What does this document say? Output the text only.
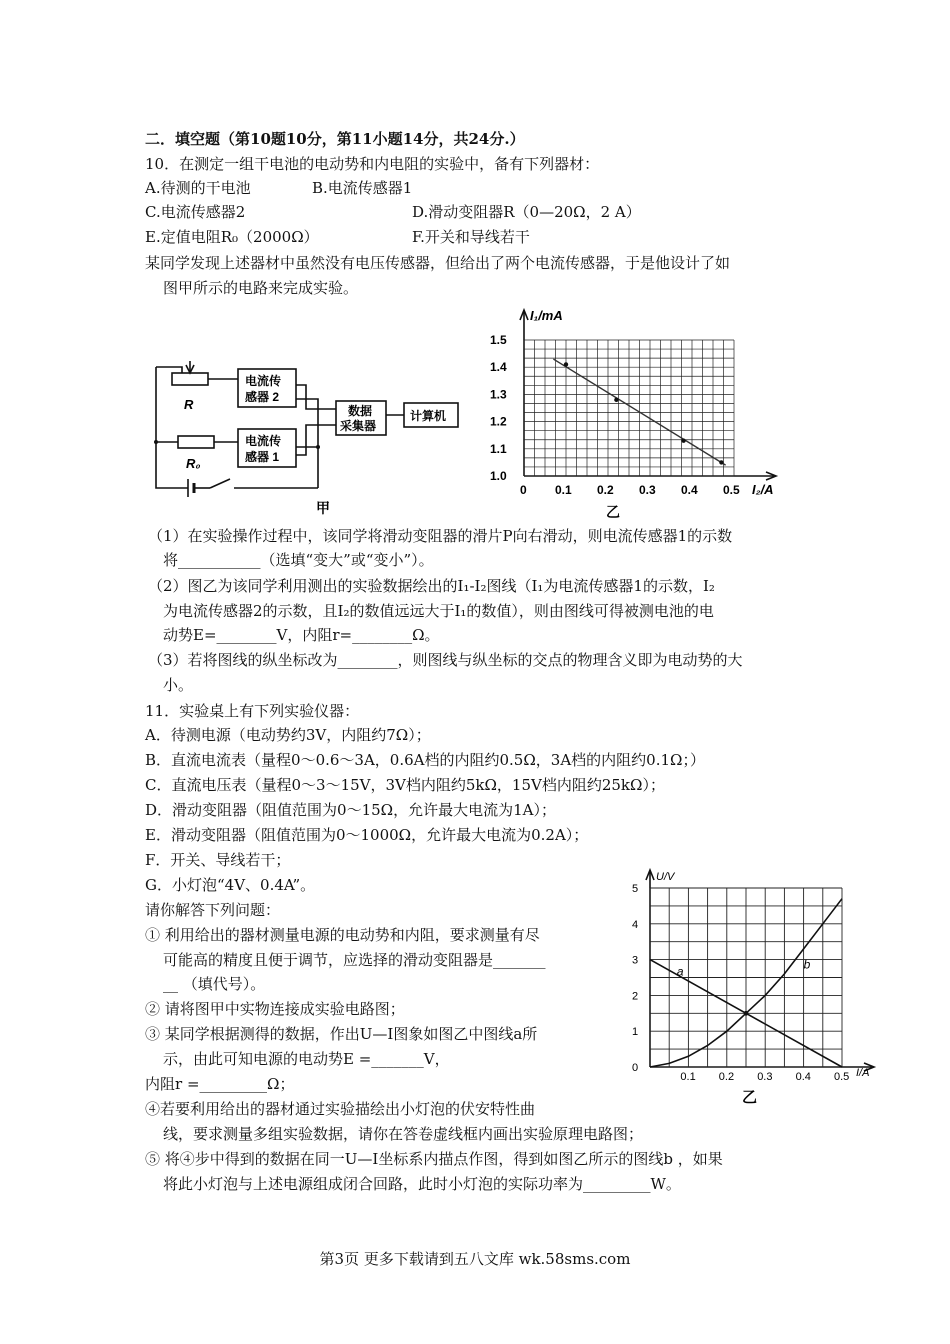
二．填空题（第10题10分，第11小题14分，共24分.）
10．在测定一组干电池的电动势和内电阻的实验中，备有下列器材：
A.待测的干电池	B.电流传感器1
C.电流传感器2	D.滑动变阻器R（0—20Ω，2 A）
E.定值电阻R₀（2000Ω）	F.开关和导线若干
某同学发现上述器材中虽然没有电压传感器，但给出了两个电流传感器，于是他设计了如
图甲所示的电路来完成实验。
R
R₀
电流传
感器 2
电流传
感器 1
数据
采集器
计算机
甲
1.5
1.4
1.3
1.2
1.1
1.0
0 0.1 0.2 0.3 0.4 0.5
I₁/mA
I₂/A
乙
（1）在实验操作过程中，该同学将滑动变阻器的滑片P向右滑动，则电流传感器1的示数
将___________（选填“变大”或“变小”）。
（2）图乙为该同学利用测出的实验数据绘出的I₁-I₂图线（I₁为电流传感器1的示数，I₂
为电流传感器2的示数，且I₂的数值远远大于I₁的数值），则由图线可得被测电池的电
动势E=________V，内阻r=________Ω。
（3）若将图线的纵坐标改为________，则图线与纵坐标的交点的物理含义即为电动势的大
小。
11．实验桌上有下列实验仪器：
A．待测电源（电动势约3V，内阻约7Ω）；
B．直流电流表（量程0～0.6～3A，0.6A档的内阻约0.5Ω，3A档的内阻约0.1Ω；）
C．直流电压表（量程0～3～15V，3V档内阻约5kΩ，15V档内阻约25kΩ）；
D．滑动变阻器（阻值范围为0～15Ω，允许最大电流为1A）；
E．滑动变阻器（阻值范围为0～1000Ω，允许最大电流为0.2A）；
F．开关、导线若干；
G．小灯泡“4V、0.4A”。
请你解答下列问题：
① 利用给出的器材测量电源的电动势和内阻，要求测量有尽
可能高的精度且便于调节，应选择的滑动变阻器是_______
__ （填代号）。
② 请将图甲中实物连接成实验电路图；
③ 某同学根据测得的数据，作出U—I图象如图乙中图线a所
示，由此可知电源的电动势E =_______V，
内阻r =_________Ω；
④若要利用给出的器材通过实验描绘出小灯泡的伏安特性曲
线，要求测量多组实验数据，请你在答卷虚线框内画出实验原理电路图；
⑤ 将④步中得到的数据在同一U—I坐标系内描点作图，得到如图乙所示的图线b ，如果
将此小灯泡与上述电源组成闭合回路，此时小灯泡的实际功率为_________W。
5
4
3
2
1
0
0.1 0.2 0.3 0.4 0.5
a
b
U/V
I/A
乙
第3页 更多下载请到五八文库 wk.58sms.com
